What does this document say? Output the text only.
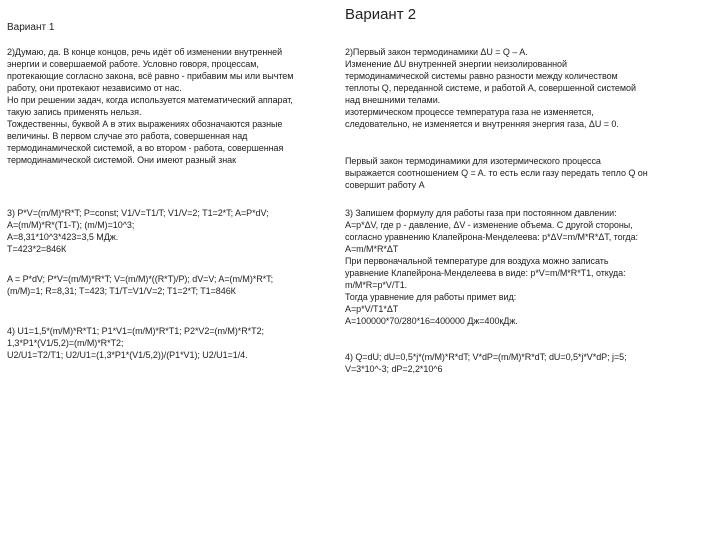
Вариант 1
2)Думаю, да. В конце концов, речь идёт об изменении внутренней
энергии и совершаемой работе. Условно говоря, процессам,
протекающие согласно закона, всё равно - прибавим мы или вычтем
работу, они протекают независимо от нас.
Но при решении задач, когда используется математический аппарат,
такую запись применять нельзя.
Тождественны, буквой А в этих выражениях обозначаются разные
величины. В первом случае это работа, совершенная над
термодинамической системой, а во втором - работа, совершенная
термодинамической системой. Они имеют разный знак
3) P*V=(m/M)*R*T; P=const; V1/V=T1/T; V1/V=2; T1=2*T; A=P*dV;
A=(m/M)*R*(T1-T); (m/M)=10^3;
A=8,31*10^3*423=3,5 МДж.
T=423*2=846К
A = P*dV; P*V=(m/M)*R*T; V=(m/M)*((R*T)/P); dV=V; A=(m/M)*R*T;
(m/M)=1; R=8,31; T=423; T1/T=V1/V=2; T1=2*T; T1=846К
4) U1=1,5*(m/M)*R*T1; P1*V1=(m/M)*R*T1; P2*V2=(m/M)*R*T2;
1,3*P1*(V1/5,2)=(m/M)*R*T2;
U2/U1=T2/T1; U2/U1=(1,3*P1*(V1/5,2))/(P1*V1); U2/U1=1/4.
Вариант 2
2)Первый закон термодинамики ΔU = Q – A.
Изменение ΔU внутренней энергии неизолированной
термодинамической системы равно разности между количеством
теплоты Q, переданной системе, и работой А, совершенной системой
над внешними телами.
изотермическом процессе температура газа не изменяется,
следовательно, не изменяется и внутренняя энергия газа, ΔU = 0.
Первый закон термодинамики для изотермического процесса
выражается соотношением Q = A. то есть если газу передать тепло Q он
совершит работу А
3) Запишем формулу для работы газа при постоянном давлении:
A=p*ΔV, где p - давление, ΔV - изменение объема. С другой стороны,
согласно уравнению Клапейрона-Менделеева: p*ΔV=m/M*R*ΔT, тогда:
A=m/M*R*ΔT
При первоначальной температуре для воздуха можно записать
уравнение Клапейрона-Менделеева в виде: p*V=m/M*R*T1, откуда:
m/M*R=p*V/T1.
Тогда уравнение для работы примет вид:
A=p*V/T1*ΔT
A=100000*70/280*16=400000 Дж=400кДж.
4) Q=dU; dU=0,5*j*(m/M)*R*dT; V*dP=(m/M)*R*dT; dU=0,5*j*V*dP; j=5;
V=3*10^-3; dP=2,2*10^6
